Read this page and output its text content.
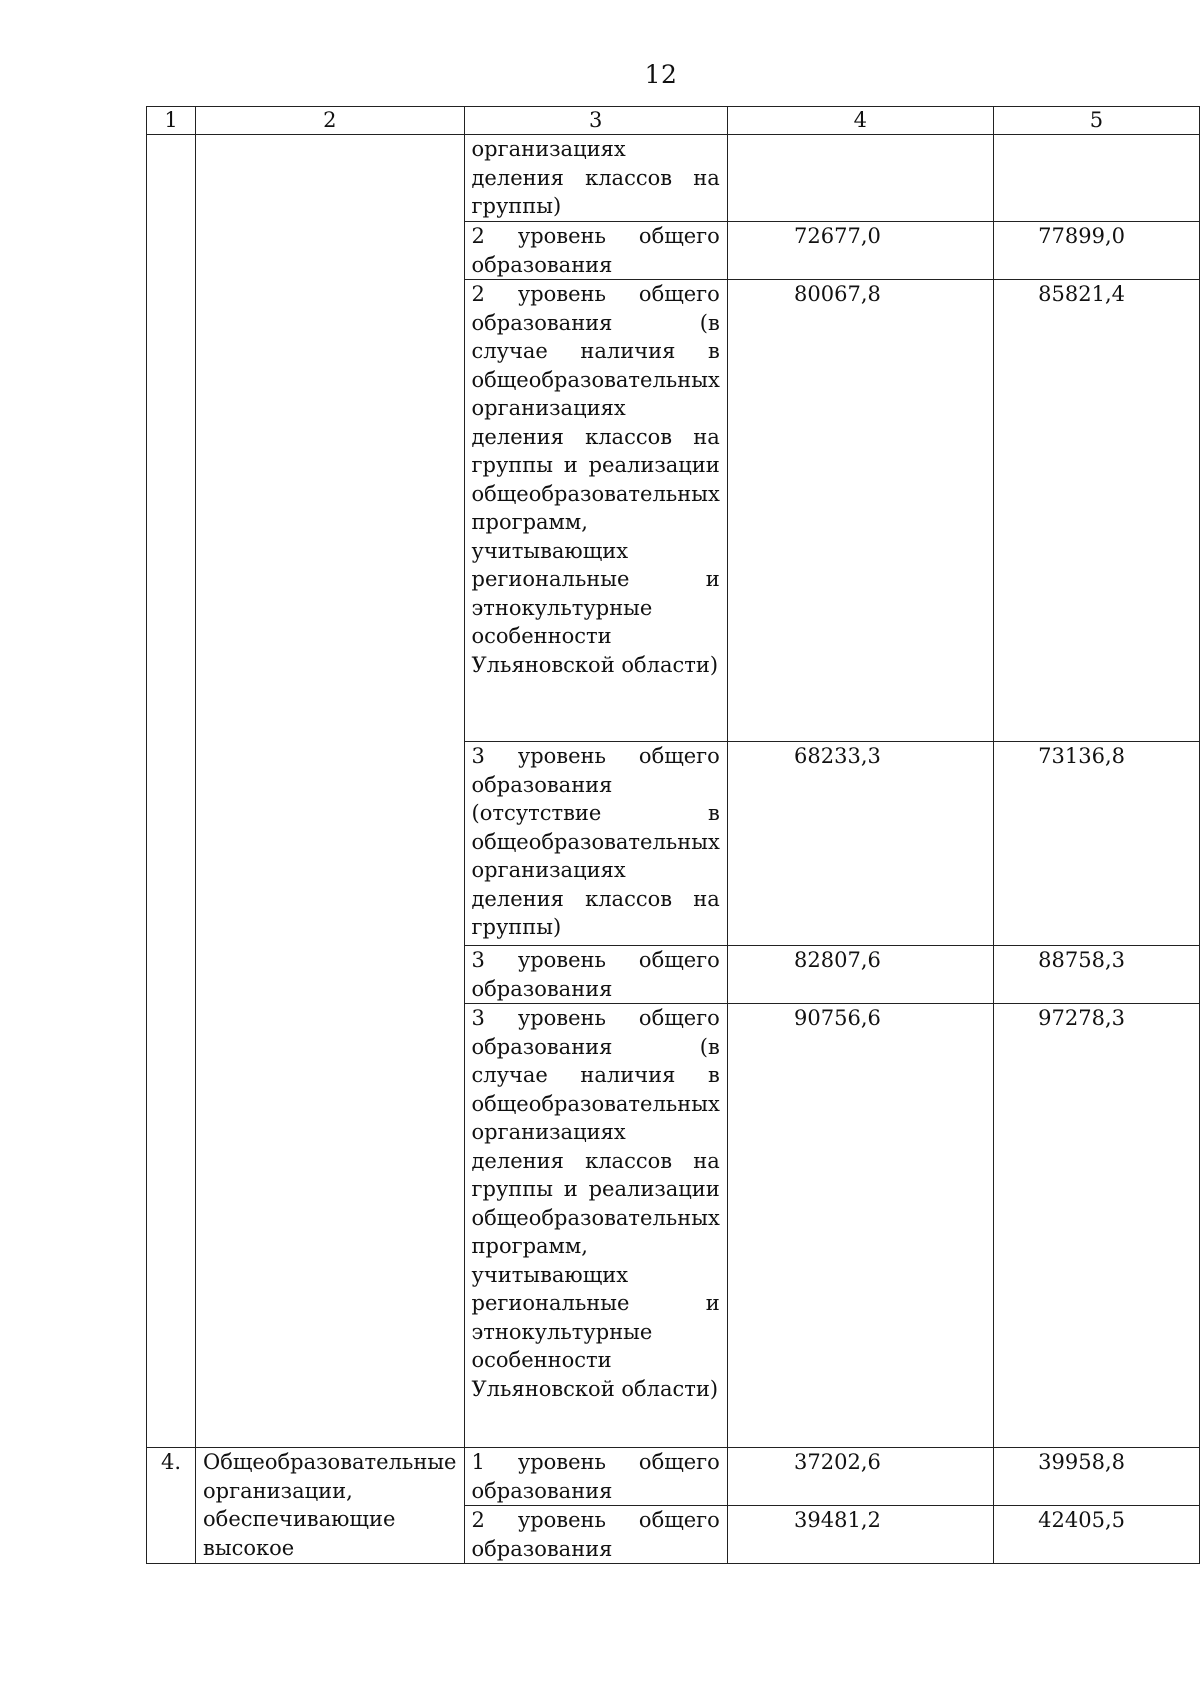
12
1	2	3	4	5
		организациях деления классов на группы)		
		2 уровень общего образования	72677,0	77899,0
		2 уровень общего образования (в случае наличия в общеобразовательных организациях деления классов на группы и реализации общеобразовательных программ, учитывающих региональные и этнокультурные особенности Ульяновской области)	80067,8	85821,4
		3 уровень общего образования (отсутствие в общеобразовательных организациях деления классов на группы)	68233,3	73136,8
		3 уровень общего образования	82807,6	88758,3
		3 уровень общего образования (в случае наличия в общеобразовательных организациях деления классов на группы и реализации общеобразовательных программ, учитывающих региональные и этнокультурные особенности Ульяновской области)	90756,6	97278,3
4.	Общеобразовательные организации, обеспечивающие высокое	1 уровень общего образования	37202,6	39958,8
		2 уровень общего образования	39481,2	42405,5
